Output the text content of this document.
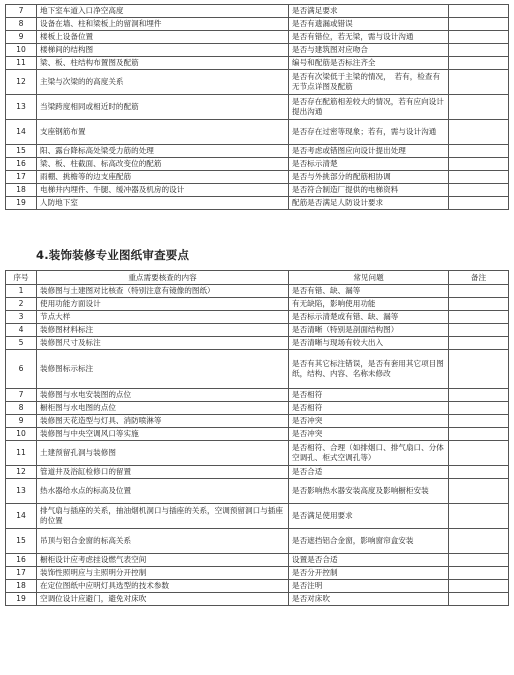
7	地下室车道入口净空高度	是否满足要求	
8	设备在墙、柱和梁板上的留洞和埋件	是否有遗漏或错误	
9	楼板上设备位置	是否有错位，若无梁，需与设计沟通	
10	楼梯间的结构图	是否与建筑图对应吻合	
11	梁、板、柱结构布置图及配筋	编号和配筋是否标注齐全	
12	主梁与次梁的的高度关系	是否有次梁低于主梁的情况，　若有，检查有无节点详图及配筋	
13	当梁跨度相同或相近时的配筋	是否存在配筋相差较大的情况，若有应向设计提出沟通	
14	支座钢筋布置	是否存在过密等现象；若有，需与设计沟通	
15	阳、露台降标高处梁受力筋的处理	是否考虑或错图应向设计提出处理	
16	梁、板、柱截面、标高改变位的配筋	是否标示清楚	
17	雨棚、挑檐等的边支座配筋	是否与外挑部分的配筋相协调	
18	电梯井内埋件、牛腿、缓冲器及机房的设计	是否符合制造厂提供的电梯资料	
19	人防地下室	配筋是否满足人防设计要求	
4.装饰装修专业图纸审查要点
序号	重点需要核查的内容	常见问题	备注
1	装修图与土建图对比核查（特别注意有镜像的图纸）	是否有错、缺、漏等	
2	使用功能方面设计	有无缺陷，影响使用功能	
3	节点大样	是否标示清楚或有错、缺、漏等	
4	装修图材料标注	是否清晰（特别是剖面结构图）	
5	装修图尺寸及标注	是否清晰与现场有较大出入	
6	装修图标示标注	是否有其它标注错误，是否有套用其它项目图纸，结构、内容、名称未修改	
7	装修图与水电安装图的点位	是否相符	
8	橱柜图与水电图的点位	是否相符	
9	装修图天花造型与灯具、消防喷淋等	是否冲突	
10	装修图与中央空调风口等实施	是否冲突	
11	土建预留孔洞与装修图	是否相符、合理（如排烟口、排气扇口、分体空调孔、柜式空调孔等）	
12	管道井及浴缸检修口的留置	是否合适	
13	热水器给水点的标高及位置	是否影响热水器安装高度及影响橱柜安装	
14	排气扇与插座的关系，抽油烟机洞口与插座的关系，空调预留洞口与插座的位置	是否满足使用要求	
15	吊顶与铝合金窗的标高关系	是否遮挡铝合金窗，影响窗帘盒安装	
16	橱柜设计应考虑挂设燃气表空间	设置是否合适	
17	装饰性照明应与主照明分开控制	是否分开控制	
18	在定位图纸中应明灯具选型的技术参数	是否注明	
19	空调位设计应避门，避免对床吹	是否对床吹	
